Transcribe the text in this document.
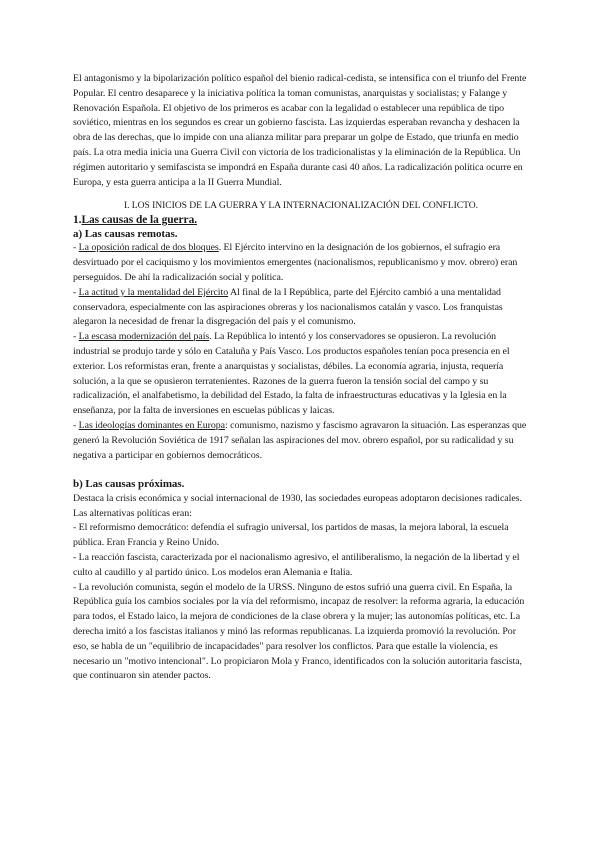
El antagonismo y la bipolarización político español del bienio radical-cedista, se intensifica con el triunfo del Frente Popular. El centro desaparece y la iniciativa política la toman comunistas, anarquistas y socialistas; y Falange y Renovación Española. El objetivo de los primeros es acabar con la legalidad o establecer una república de tipo soviético, mientras en los segundos es crear un gobierno fascista. Las izquierdas esperaban revancha y deshacen la obra de las derechas, que lo impide con una alianza militar para preparar un golpe de Estado, que triunfa en medio país. La otra media inicia una Guerra Civil con victoria de los tradicionalistas y la eliminación de la República. Un régimen autoritario y semifascista se impondrá en España durante casi 40 años. La radicalización política ocurre en Europa, y esta guerra anticipa a la II Guerra Mundial.

I. LOS INICIOS DE LA GUERRA Y LA INTERNACIONALIZACIÓN DEL CONFLICTO.

1.Las causas de la guerra.

a) Las causas remotas.

- La oposición radical de dos bloques. El Ejército intervino en la designación de los gobiernos, el sufragio era desvirtuado por el caciquismo y los movimientos emergentes (nacionalismos, republicanismo y mov. obrero) eran perseguidos. De ahí la radicalización social y política.

- La actitud y la mentalidad del Ejército Al final de la I República, parte del Ejército cambió a una mentalidad conservadora, especialmente con las aspiraciones obreras y los nacionalismos catalán y vasco. Los franquistas alegaron la necesidad de frenar la disgregación del país y el comunismo.

- La escasa modernización del país. La República lo intentó y los conservadores se opusieron. La revolución industrial se produjo tarde y sólo en Cataluña y País Vasco. Los productos españoles tenían poca presencia en el exterior. Los reformistas eran, frente a anarquistas y socialistas, débiles. La economía agraria, injusta, requería solución, a la que se opusieron terratenientes. Razones de la guerra fueron la tensión social del campo y su radicalización, el analfabetismo, la debilidad del Estado, la falta de infraestructuras educativas y la Iglesia en la enseñanza, por la falta de inversiones en escuelas públicas y laicas.

- Las ideologías dominantes en Europa: comunismo, nazismo y fascismo agravaron la situación. Las esperanzas que generó la Revolución Soviética de 1917 señalan las aspiraciones del mov. obrero español, por su radicalidad y su negativa a participar en gobiernos democráticos.

b) Las causas próximas.

Destaca la crisis económica y social internacional de 1930, las sociedades europeas adoptaron decisiones radicales. Las alternativas políticas eran:

- El reformismo democrático: defendía el sufragio universal, los partidos de masas, la mejora laboral, la escuela pública. Eran Francia y Reino Unido.

- La reacción fascista, caracterizada por el nacionalismo agresivo, el antiliberalismo, la negación de la libertad y el culto al caudillo y al partido único. Los modelos eran Alemania e Italia.

- La revolución comunista, según el modelo de la URSS. Ninguno de estos sufrió una guerra civil. En España, la República guía los cambios sociales por la vía del reformismo, incapaz de resolver: la reforma agraria, la educación para todos, el Estado laico, la mejora de condiciones de la clase obrera y la mujer; las autonomías políticas, etc. La derecha imitó a los fascistas italianos y minó las reformas republicanas. La izquierda promovió la revolución. Por eso, se habla de un "equilibrio de incapacidades" para resolver los conflictos. Para que estalle la violencia, es necesario un "motivo intencional". Lo propiciaron Mola y Franco, identificados con la solución autoritaria fascista, que continuaron sin atender pactos.
